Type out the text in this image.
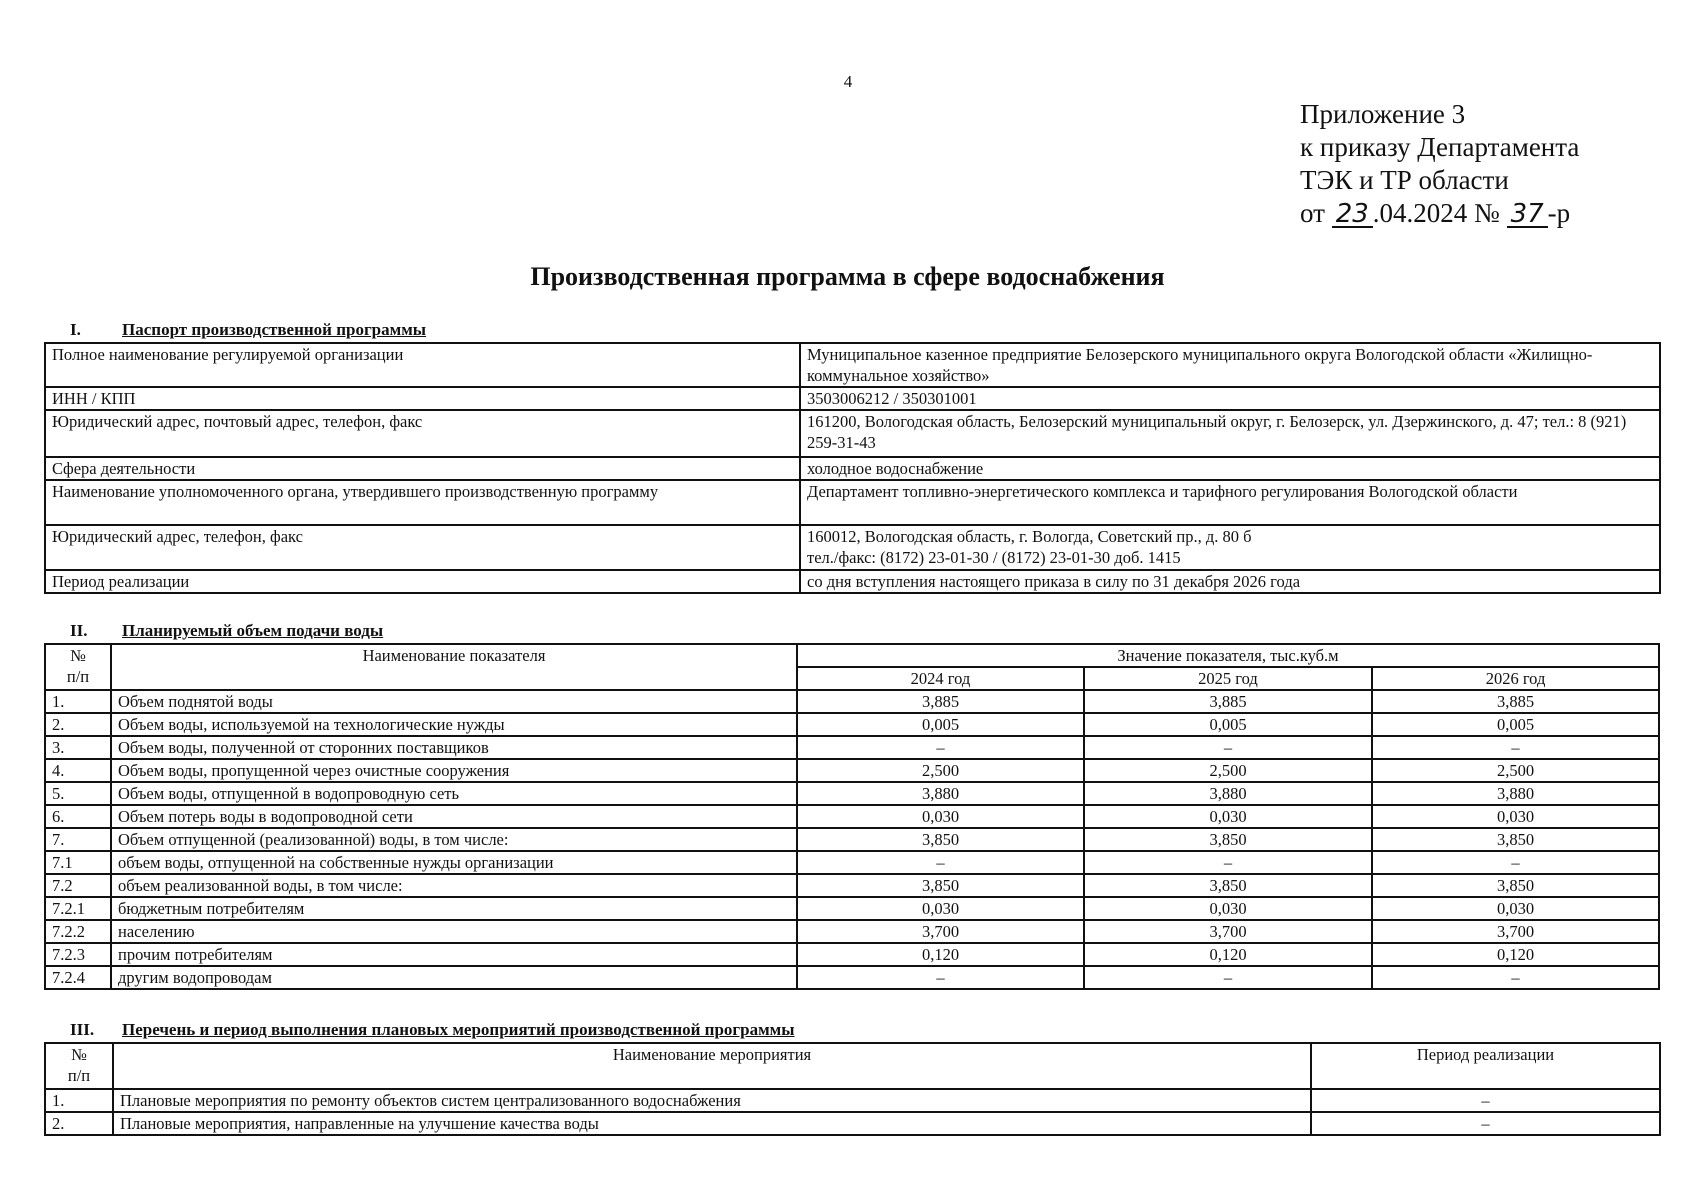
4
Приложение 3
к приказу Департамента
ТЭК и ТР области
от 23 .04.2024 № 37 -р
Производственная программа в сфере водоснабжения
I. Паспорт производственной программы
Полное наименование регулируемой организации	Муниципальное казенное предприятие Белозерского муниципального округа Вологодской области «Жилищно-коммунальное хозяйство»
ИНН / КПП	3503006212 / 350301001
Юридический адрес, почтовый адрес, телефон, факс	161200, Вологодская область, Белозерский муниципальный округ, г. Белозерск, ул. Дзержинского, д. 47; тел.: 8 (921) 259-31-43
Сфера деятельности	холодное водоснабжение
Наименование уполномоченного органа, утвердившего производственную программу	Департамент топливно-энергетического комплекса и тарифного регулирования Вологодской области
Юридический адрес, телефон, факс	160012, Вологодская область, г. Вологда, Советский пр., д. 80 б
тел./факс: (8172) 23-01-30 / (8172) 23-01-30 доб. 1415

Период реализации	со дня вступления настоящего приказа в силу по 31 декабря 2026 года
II. Планируемый объем подачи воды
№
п/п	Наименование показателя	Значение показателя, тыс.куб.м		
		2024 год	2025 год	2026 год
1.	Объем поднятой воды	3,885	3,885	3,885
2.	Объем воды, используемой на технологические нужды	0,005	0,005	0,005
3.	Объем воды, полученной от сторонних поставщиков	–	–	–
4.	Объем воды, пропущенной через очистные сооружения	2,500	2,500	2,500
5.	Объем воды, отпущенной в водопроводную сеть	3,880	3,880	3,880
6.	Объем потерь воды в водопроводной сети	0,030	0,030	0,030
7.	Объем отпущенной (реализованной) воды, в том числе:	3,850	3,850	3,850
7.1	объем воды, отпущенной на собственные нужды организации	–	–	–
7.2	объем реализованной воды, в том числе:	3,850	3,850	3,850
7.2.1	бюджетным потребителям	0,030	0,030	0,030
7.2.2	населению	3,700	3,700	3,700
7.2.3	прочим потребителям	0,120	0,120	0,120
7.2.4	другим водопроводам	–	–	–
III. Перечень и период выполнения плановых мероприятий производственной программы
№
п/п	Наименование мероприятия	Период реализации
1.	Плановые мероприятия по ремонту объектов систем централизованного водоснабжения	–
2.	Плановые мероприятия, направленные на улучшение качества воды	–
